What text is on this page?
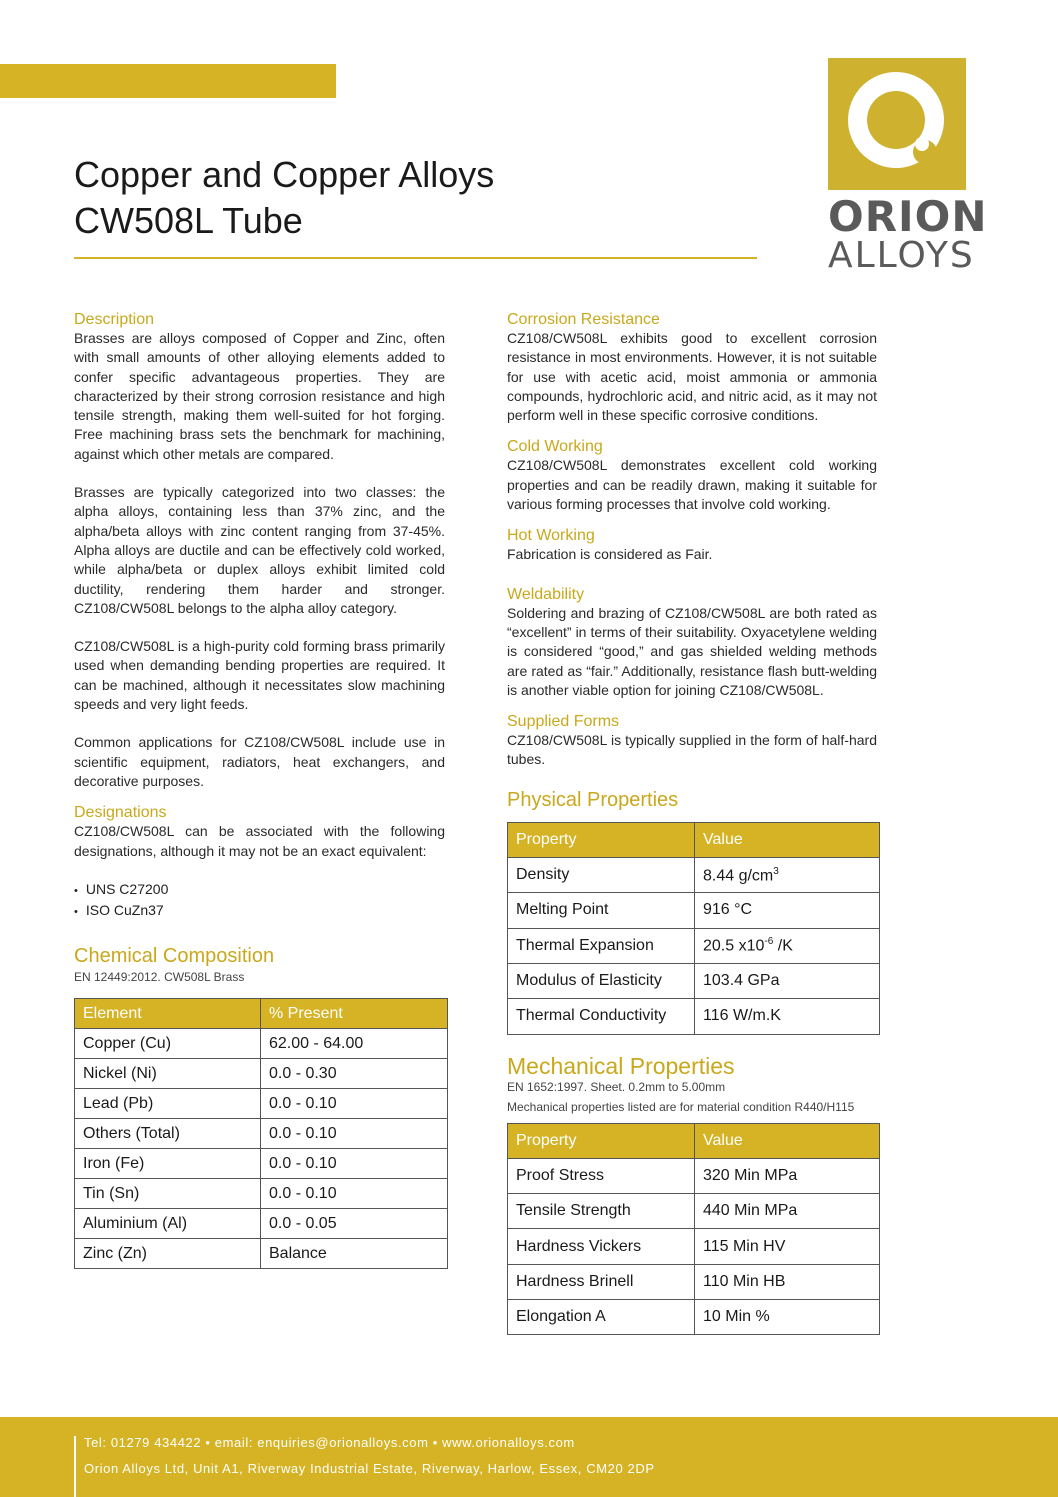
ORION
ALLOYS
Copper and Copper Alloys
CW508L Tube
Description

Brasses are alloys composed of Copper and Zinc, often with small amounts of other alloying elements added to confer specific advantageous properties. They are characterized by their strong corrosion resistance and high tensile strength, making them well-suited for hot forging. Free machining brass sets the benchmark for machining, against which other metals are compared.

Brasses are typically categorized into two classes: the alpha alloys, containing less than 37% zinc, and the alpha/beta alloys with zinc content ranging from 37-45%. Alpha alloys are ductile and can be effectively cold worked, while alpha/beta or duplex alloys exhibit limited cold ductility, rendering them harder and stronger. CZ108/CW508L belongs to the alpha alloy category.

CZ108/CW508L is a high-purity cold forming brass primarily used when demanding bending properties are required. It can be machined, although it necessitates slow machining speeds and very light feeds.

Common applications for CZ108/CW508L include use in scientific equipment, radiators, heat exchangers, and decorative purposes.

Designations

CZ108/CW508L can be associated with the following designations, although it may not be an exact equivalent:

• UNS C27200
• ISO CuZn37
Chemical Composition
EN 12449:2012. CW508L Brass
Element	% Present
Copper (Cu)	62.00 - 64.00
Nickel (Ni)	0.0 - 0.30
Lead (Pb)	0.0 - 0.10
Others (Total)	0.0 - 0.10
Iron (Fe)	0.0 - 0.10
Tin (Sn)	0.0 - 0.10
Aluminium (Al)	0.0 - 0.05
Zinc (Zn)	Balance
Corrosion Resistance

CZ108/CW508L exhibits good to excellent corrosion resistance in most environments. However, it is not suitable for use with acetic acid, moist ammonia or ammonia compounds, hydrochloric acid, and nitric acid, as it may not perform well in these specific corrosive conditions.

Cold Working

CZ108/CW508L demonstrates excellent cold working properties and can be readily drawn, making it suitable for various forming processes that involve cold working.

Hot Working

Fabrication is considered as Fair.

Weldability

Soldering and brazing of CZ108/CW508L are both rated as “excellent” in terms of their suitability. Oxyacetylene welding is considered “good,” and gas shielded welding methods are rated as “fair.” Additionally, resistance flash butt-welding is another viable option for joining CZ108/CW508L.

Supplied Forms

CZ108/CW508L is typically supplied in the form of half-hard tubes.

Physical Properties
Property	Value
Density	8.44 $g/cm^3$
Melting Point	916 °C
Thermal Expansion	20.5 $x10^{-6}$ /K
Modulus of Elasticity	103.4 GPa
Thermal Conductivity	116 W/m.K
Mechanical Properties
EN 1652:1997. Sheet. 0.2mm to 5.00mm
Mechanical properties listed are for material condition R440/H115
Property	Value
Proof Stress	320 Min MPa
Tensile Strength	440 Min MPa
Hardness Vickers	115 Min HV
Hardness Brinell	110 Min HB
Elongation A	10 Min %
Tel: 01279 434422 • email: enquiries@orionalloys.com • www.orionalloys.com
Orion Alloys Ltd, Unit A1, Riverway Industrial Estate, Riverway, Harlow, Essex, CM20 2DP
